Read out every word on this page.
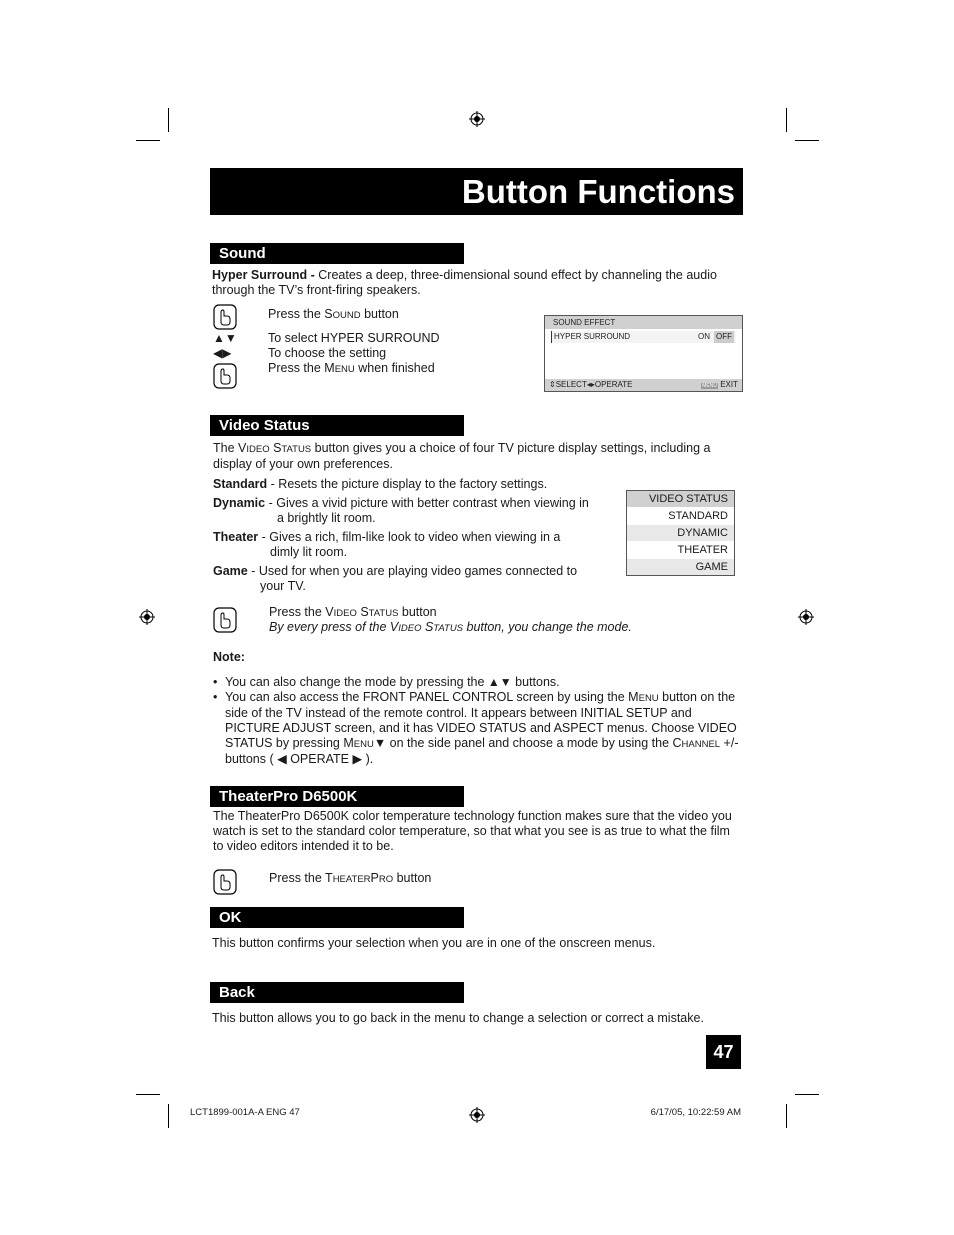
Button Functions
Sound
Hyper Surround - Creates a deep, three-dimensional sound effect by channeling the audio through the TV’s front-firing speakers.
Press the SOUND button
▲▼ To select HYPER SURROUND
◀▶	To choose the setting
Press the MENU when finished
SOUND EFFECT
HYPER SURROUND	ON OFF
⇕SELECT◂▸OPERATE	MENU EXIT
Video Status
The VIDEO STATUS button gives you a choice of four TV picture display settings, including a display of your own preferences.
Standard - Resets the picture display to the factory settings.
Dynamic - Gives a vivid picture with better contrast when viewing in
a brightly lit room.
Theater - Gives a rich, film-like look to video when viewing in a
dimly lit room.
Game - Used for when you are playing video games connected to
your TV.
VIDEO STATUS
STANDARD
DYNAMIC
THEATER
GAME
Press the VIDEO STATUS button
By every press of the VIDEO STATUS button, you change the mode.
Note:
• You can also change the mode by pressing the ▲▼ buttons.
• You can also access the FRONT PANEL CONTROL screen by using the MENU button on the side of the TV instead of the remote control. It appears between INITIAL SETUP and PICTURE ADJUST screen, and it has VIDEO STATUS and ASPECT menus. Choose VIDEO STATUS by pressing MENU▼ on the side panel and choose a mode by using the CHANNEL +/- buttons ( ◀ OPERATE ▶ ).
TheaterPro D6500K
The TheaterPro D6500K color temperature technology function makes sure that the video you watch is set to the standard color temperature, so that what you see is as true to what the film to video editors intended it to be.
Press the THEATERPRO button
OK
This button confirms your selection when you are in one of the onscreen menus.
Back
This button allows you to go back in the menu to change a selection or correct a mistake.
47
LCT1899-001A-A ENG 47	6/17/05, 10:22:59 AM
